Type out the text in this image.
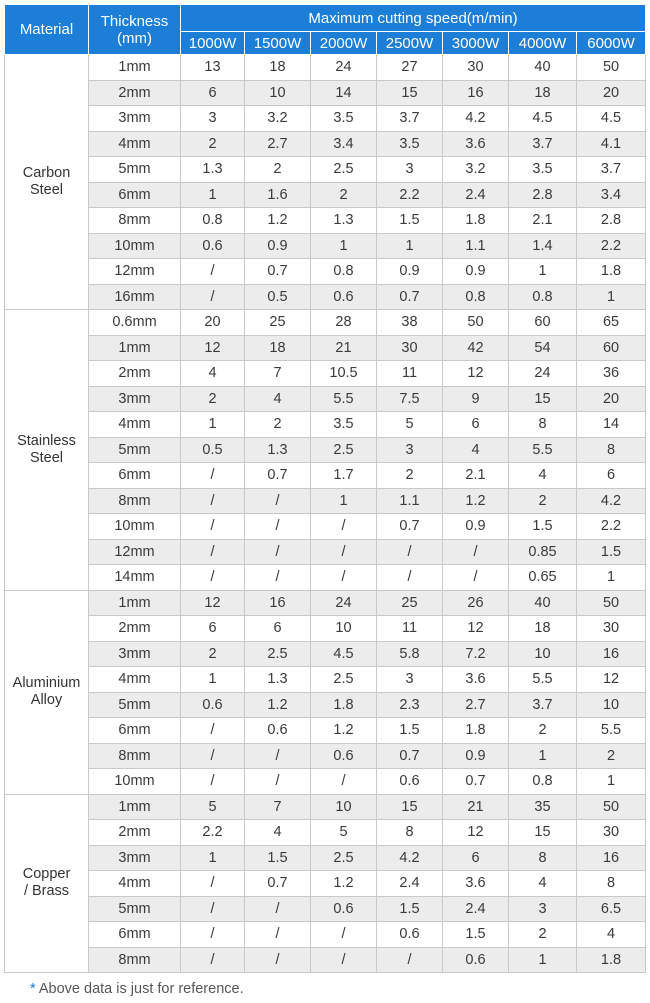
Material	Thickness
(mm)	Maximum cutting speed(m/min)						
		1000W	1500W	2000W	2500W	3000W	4000W	6000W

Carbon
Steel	1mm	13	18	24	27	30	40	50
	2mm	6	10	14	15	16	18	20
	3mm	3	3.2	3.5	3.7	4.2	4.5	4.5
	4mm	2	2.7	3.4	3.5	3.6	3.7	4.1
	5mm	1.3	2	2.5	3	3.2	3.5	3.7
	6mm	1	1.6	2	2.2	2.4	2.8	3.4
	8mm	0.8	1.2	1.3	1.5	1.8	2.1	2.8
	10mm	0.6	0.9	1	1	1.1	1.4	2.2
	12mm	/	0.7	0.8	0.9	0.9	1	1.8
	16mm	/	0.5	0.6	0.7	0.8	0.8	1

Stainless
Steel	0.6mm	20	25	28	38	50	60	65
	1mm	12	18	21	30	42	54	60
	2mm	4	7	10.5	11	12	24	36
	3mm	2	4	5.5	7.5	9	15	20
	4mm	1	2	3.5	5	6	8	14
	5mm	0.5	1.3	2.5	3	4	5.5	8
	6mm	/	0.7	1.7	2	2.1	4	6
	8mm	/	/	1	1.1	1.2	2	4.2
	10mm	/	/	/	0.7	0.9	1.5	2.2
	12mm	/	/	/	/	/	0.85	1.5
	14mm	/	/	/	/	/	0.65	1

Aluminium
Alloy	1mm	12	16	24	25	26	40	50
	2mm	6	6	10	11	12	18	30
	3mm	2	2.5	4.5	5.8	7.2	10	16
	4mm	1	1.3	2.5	3	3.6	5.5	12
	5mm	0.6	1.2	1.8	2.3	2.7	3.7	10
	6mm	/	0.6	1.2	1.5	1.8	2	5.5
	8mm	/	/	0.6	0.7	0.9	1	2
	10mm	/	/	/	0.6	0.7	0.8	1

Copper
/ Brass	1mm	5	7	10	15	21	35	50
	2mm	2.2	4	5	8	12	15	30
	3mm	1	1.5	2.5	4.2	6	8	16
	4mm	/	0.7	1.2	2.4	3.6	4	8
	5mm	/	/	0.6	1.5	2.4	3	6.5
	6mm	/	/	/	0.6	1.5	2	4
	8mm	/	/	/	/	0.6	1	1.8
* Above data is just for reference.
